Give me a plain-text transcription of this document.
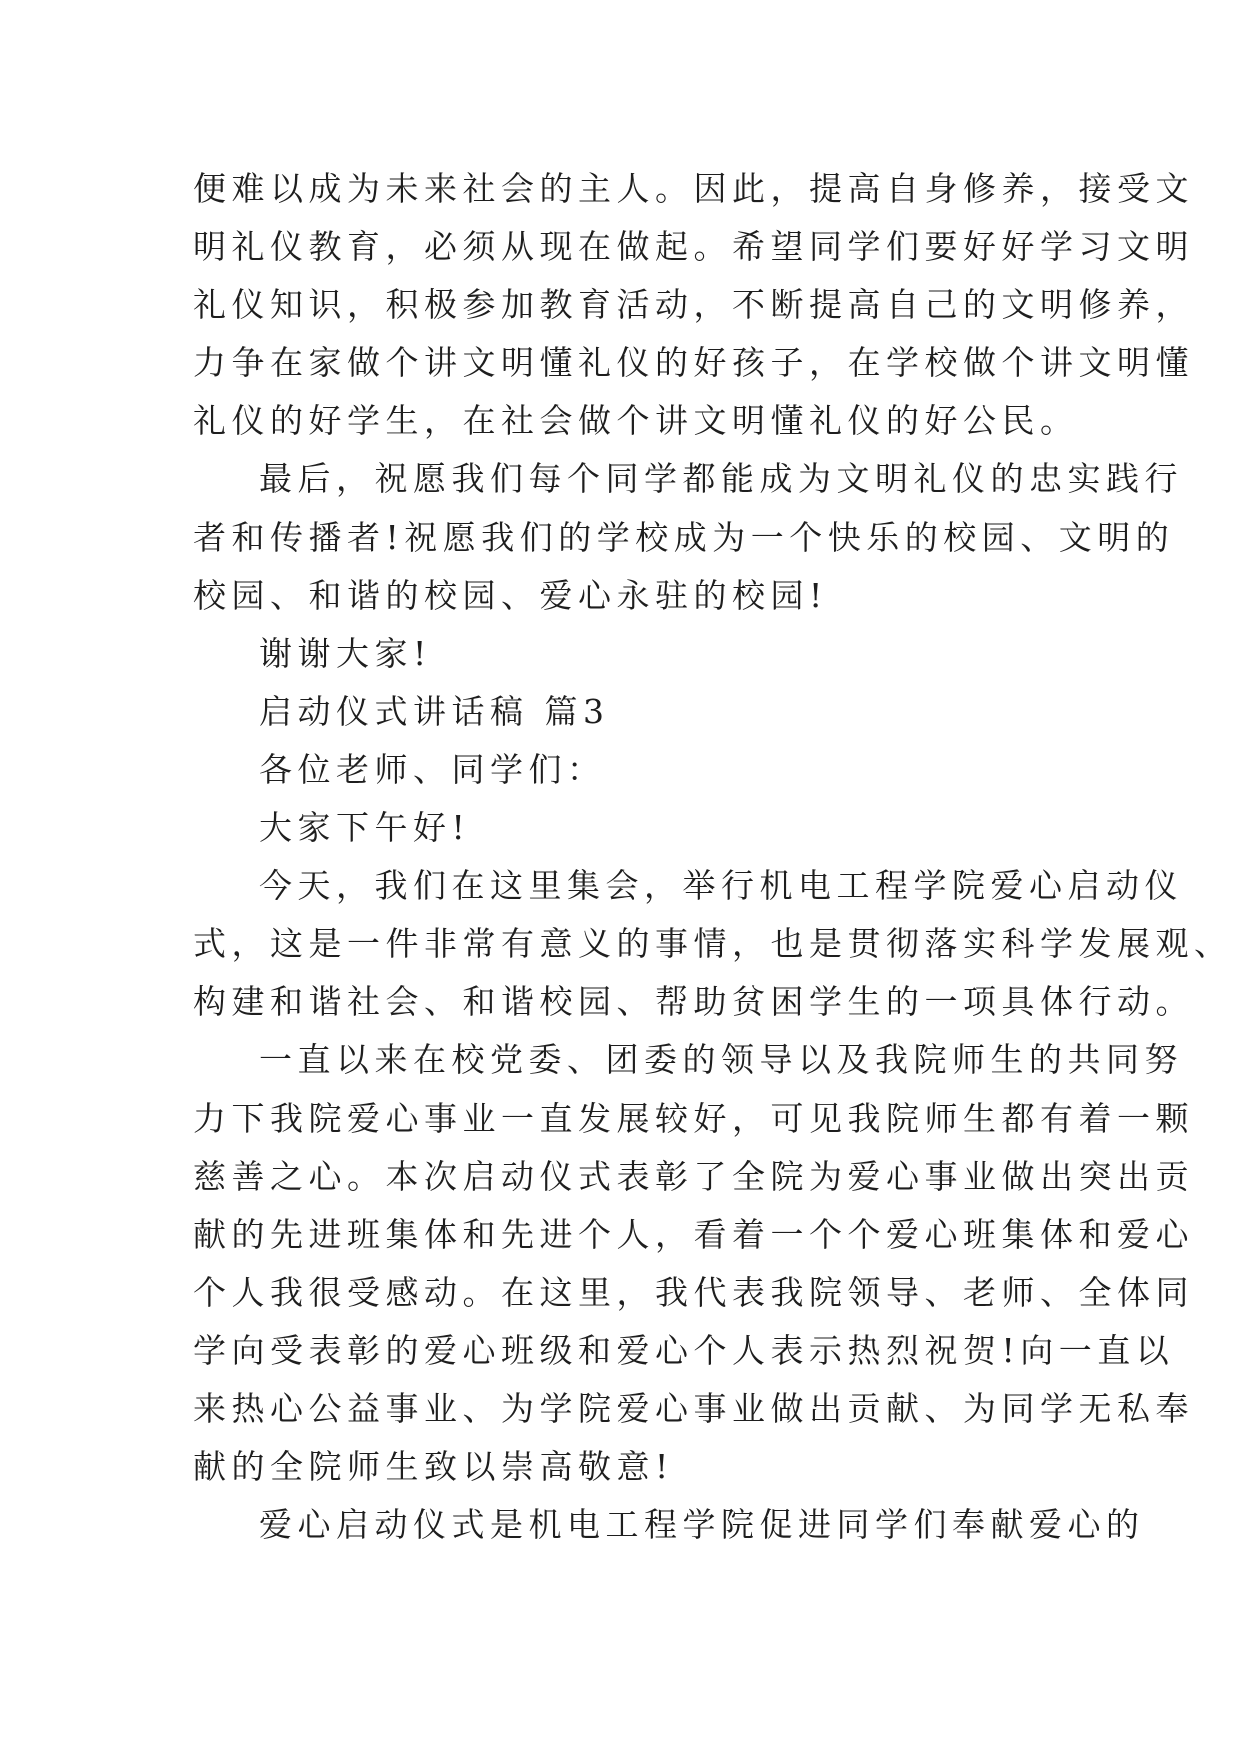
便难以成为未来社会的主人。因此，提高自身修养，接受文
明礼仪教育，必须从现在做起。希望同学们要好好学习文明
礼仪知识，积极参加教育活动，不断提高自己的文明修养，
力争在家做个讲文明懂礼仪的好孩子，在学校做个讲文明懂
礼仪的好学生，在社会做个讲文明懂礼仪的好公民。
最后，祝愿我们每个同学都能成为文明礼仪的忠实践行
者和传播者!祝愿我们的学校成为一个快乐的校园、文明的
校园、和谐的校园、爱心永驻的校园!
谢谢大家!
启动仪式讲话稿 篇3
各位老师、同学们：
大家下午好!
今天，我们在这里集会，举行机电工程学院爱心启动仪
式，这是一件非常有意义的事情，也是贯彻落实科学发展观、
构建和谐社会、和谐校园、帮助贫困学生的一项具体行动。
一直以来在校党委、团委的领导以及我院师生的共同努
力下我院爱心事业一直发展较好，可见我院师生都有着一颗
慈善之心。本次启动仪式表彰了全院为爱心事业做出突出贡
献的先进班集体和先进个人，看着一个个爱心班集体和爱心
个人我很受感动。在这里，我代表我院领导、老师、全体同
学向受表彰的爱心班级和爱心个人表示热烈祝贺!向一直以
来热心公益事业、为学院爱心事业做出贡献、为同学无私奉
献的全院师生致以崇高敬意!
爱心启动仪式是机电工程学院促进同学们奉献爱心的
